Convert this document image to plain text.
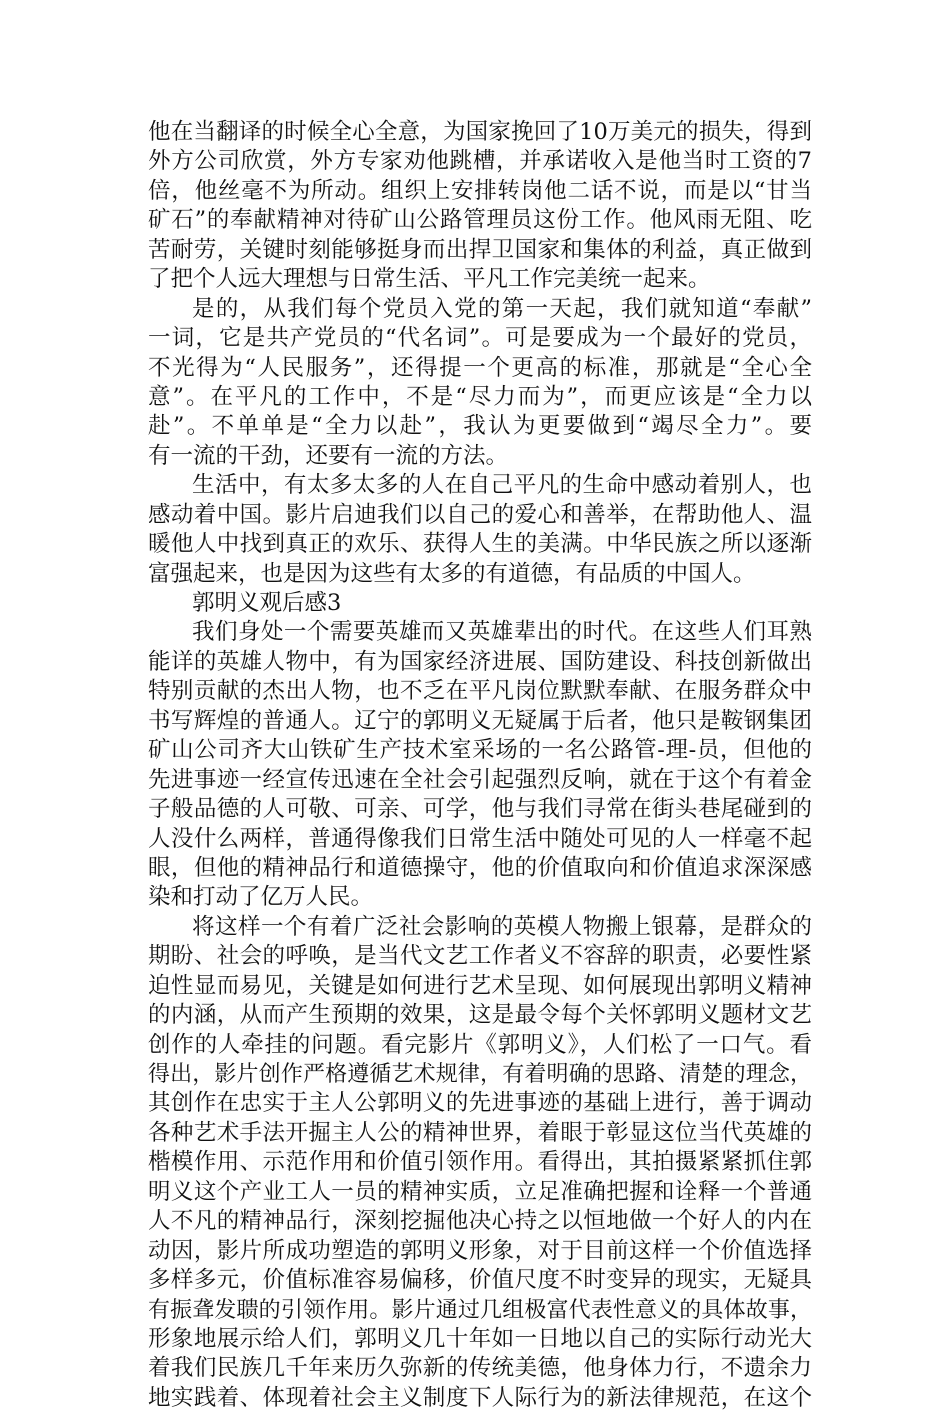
他在当翻译的时候全心全意，为国家挽回了10万美元的损失，得到
外方公司欣赏，外方专家劝他跳槽，并承诺收入是他当时工资的7
倍，他丝毫不为所动。组织上安排转岗他二话不说，而是以“甘当
矿石”的奉献精神对待矿山公路管理员这份工作。他风雨无阻、吃
苦耐劳，关键时刻能够挺身而出捍卫国家和集体的利益，真正做到
了把个人远大理想与日常生活、平凡工作完美统一起来。
是的，从我们每个党员入党的第一天起，我们就知道“奉献”
一词，它是共产党员的“代名词”。可是要成为一个最好的党员，
不光得为“人民服务”，还得提一个更高的标准，那就是“全心全
意”。在平凡的工作中，不是“尽力而为”，而更应该是“全力以
赴”。不单单是“全力以赴”，我认为更要做到“竭尽全力”。要
有一流的干劲，还要有一流的方法。
生活中，有太多太多的人在自己平凡的生命中感动着别人，也
感动着中国。影片启迪我们以自己的爱心和善举，在帮助他人、温
暖他人中找到真正的欢乐、获得人生的美满。中华民族之所以逐渐
富强起来，也是因为这些有太多的有道德，有品质的中国人。
郭明义观后感3
我们身处一个需要英雄而又英雄辈出的时代。在这些人们耳熟
能详的英雄人物中，有为国家经济进展、国防建设、科技创新做出
特别贡献的杰出人物，也不乏在平凡岗位默默奉献、在服务群众中
书写辉煌的普通人。辽宁的郭明义无疑属于后者，他只是鞍钢集团
矿山公司齐大山铁矿生产技术室采场的一名公路管-理-员，但他的
先进事迹一经宣传迅速在全社会引起强烈反响，就在于这个有着金
子般品德的人可敬、可亲、可学，他与我们寻常在街头巷尾碰到的
人没什么两样，普通得像我们日常生活中随处可见的人一样毫不起
眼，但他的精神品行和道德操守，他的价值取向和价值追求深深感
染和打动了亿万人民。
将这样一个有着广泛社会影响的英模人物搬上银幕，是群众的
期盼、社会的呼唤，是当代文艺工作者义不容辞的职责，必要性紧
迫性显而易见，关键是如何进行艺术呈现、如何展现出郭明义精神
的内涵，从而产生预期的效果，这是最令每个关怀郭明义题材文艺
创作的人牵挂的问题。看完影片《郭明义》，人们松了一口气。看
得出，影片创作严格遵循艺术规律，有着明确的思路、清楚的理念，
其创作在忠实于主人公郭明义的先进事迹的基础上进行，善于调动
各种艺术手法开掘主人公的精神世界，着眼于彰显这位当代英雄的
楷模作用、示范作用和价值引领作用。看得出，其拍摄紧紧抓住郭
明义这个产业工人一员的精神实质，立足准确把握和诠释一个普通
人不凡的精神品行，深刻挖掘他决心持之以恒地做一个好人的内在
动因，影片所成功塑造的郭明义形象，对于目前这样一个价值选择
多样多元，价值标准容易偏移，价值尺度不时变异的现实，无疑具
有振聋发聩的引领作用。影片通过几组极富代表性意义的具体故事，
形象地展示给人们，郭明义几十年如一日地以自己的实际行动光大
着我们民族几千年来历久弥新的传统美德，他身体力行，不遗余力
地实践着、体现着社会主义制度下人际行为的新法律规范，在这个
